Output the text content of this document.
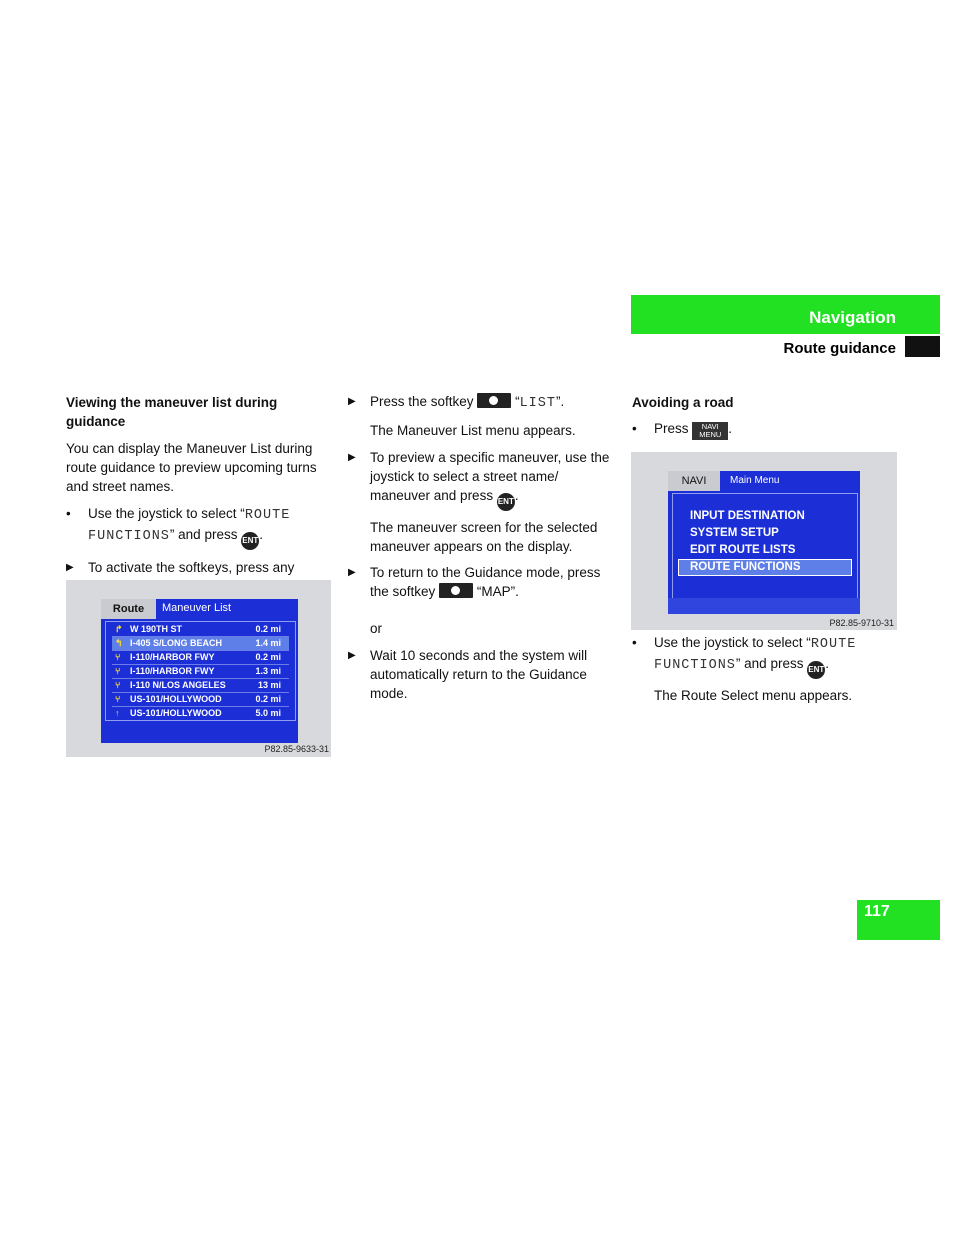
Navigation
Route guidance

Viewing the maneuver list during guidance

You can display the Maneuver List during route guidance to preview upcoming turns and street names.

• Use the joystick to select “ROUTE
FUNCTIONS” and press ENT.
▶ To activate the softkeys, press any
Route	Maneuver List
↱ W 190TH ST	0.2 mi
↰ I-405 S/LONG BEACH	1.4 mi
⑂ I-110/HARBOR FWY	0.2 mi
⑂ I-110/HARBOR FWY	1.3 mi
⑂ I-110 N/LOS ANGELES	13 mi
⑂ US-101/HOLLYWOOD	0.2 mi
↑ US-101/HOLLYWOOD	5.0 mi
P82.85-9633-31
▶ Press the softkey	“LIST”.

The Maneuver List menu appears.

▶ To preview a specific maneuver, use the joystick to select a street name/ maneuver and press ENT.

The maneuver screen for the selected maneuver appears on the display.

▶ To return to the Guidance mode, press the softkey	“MAP”.

or

▶ Wait 10 seconds and the system will automatically return to the Guidance mode.

Avoiding a road

• Press NAVI
MENU .
NAVI	Main Menu
INPUT DESTINATION
SYSTEM SETUP
EDIT ROUTE LISTS
ROUTE FUNCTIONS
P82.85-9710-31
• Use the joystick to select “ROUTE
FUNCTIONS” and press ENT.

The Route Select menu appears.

117
